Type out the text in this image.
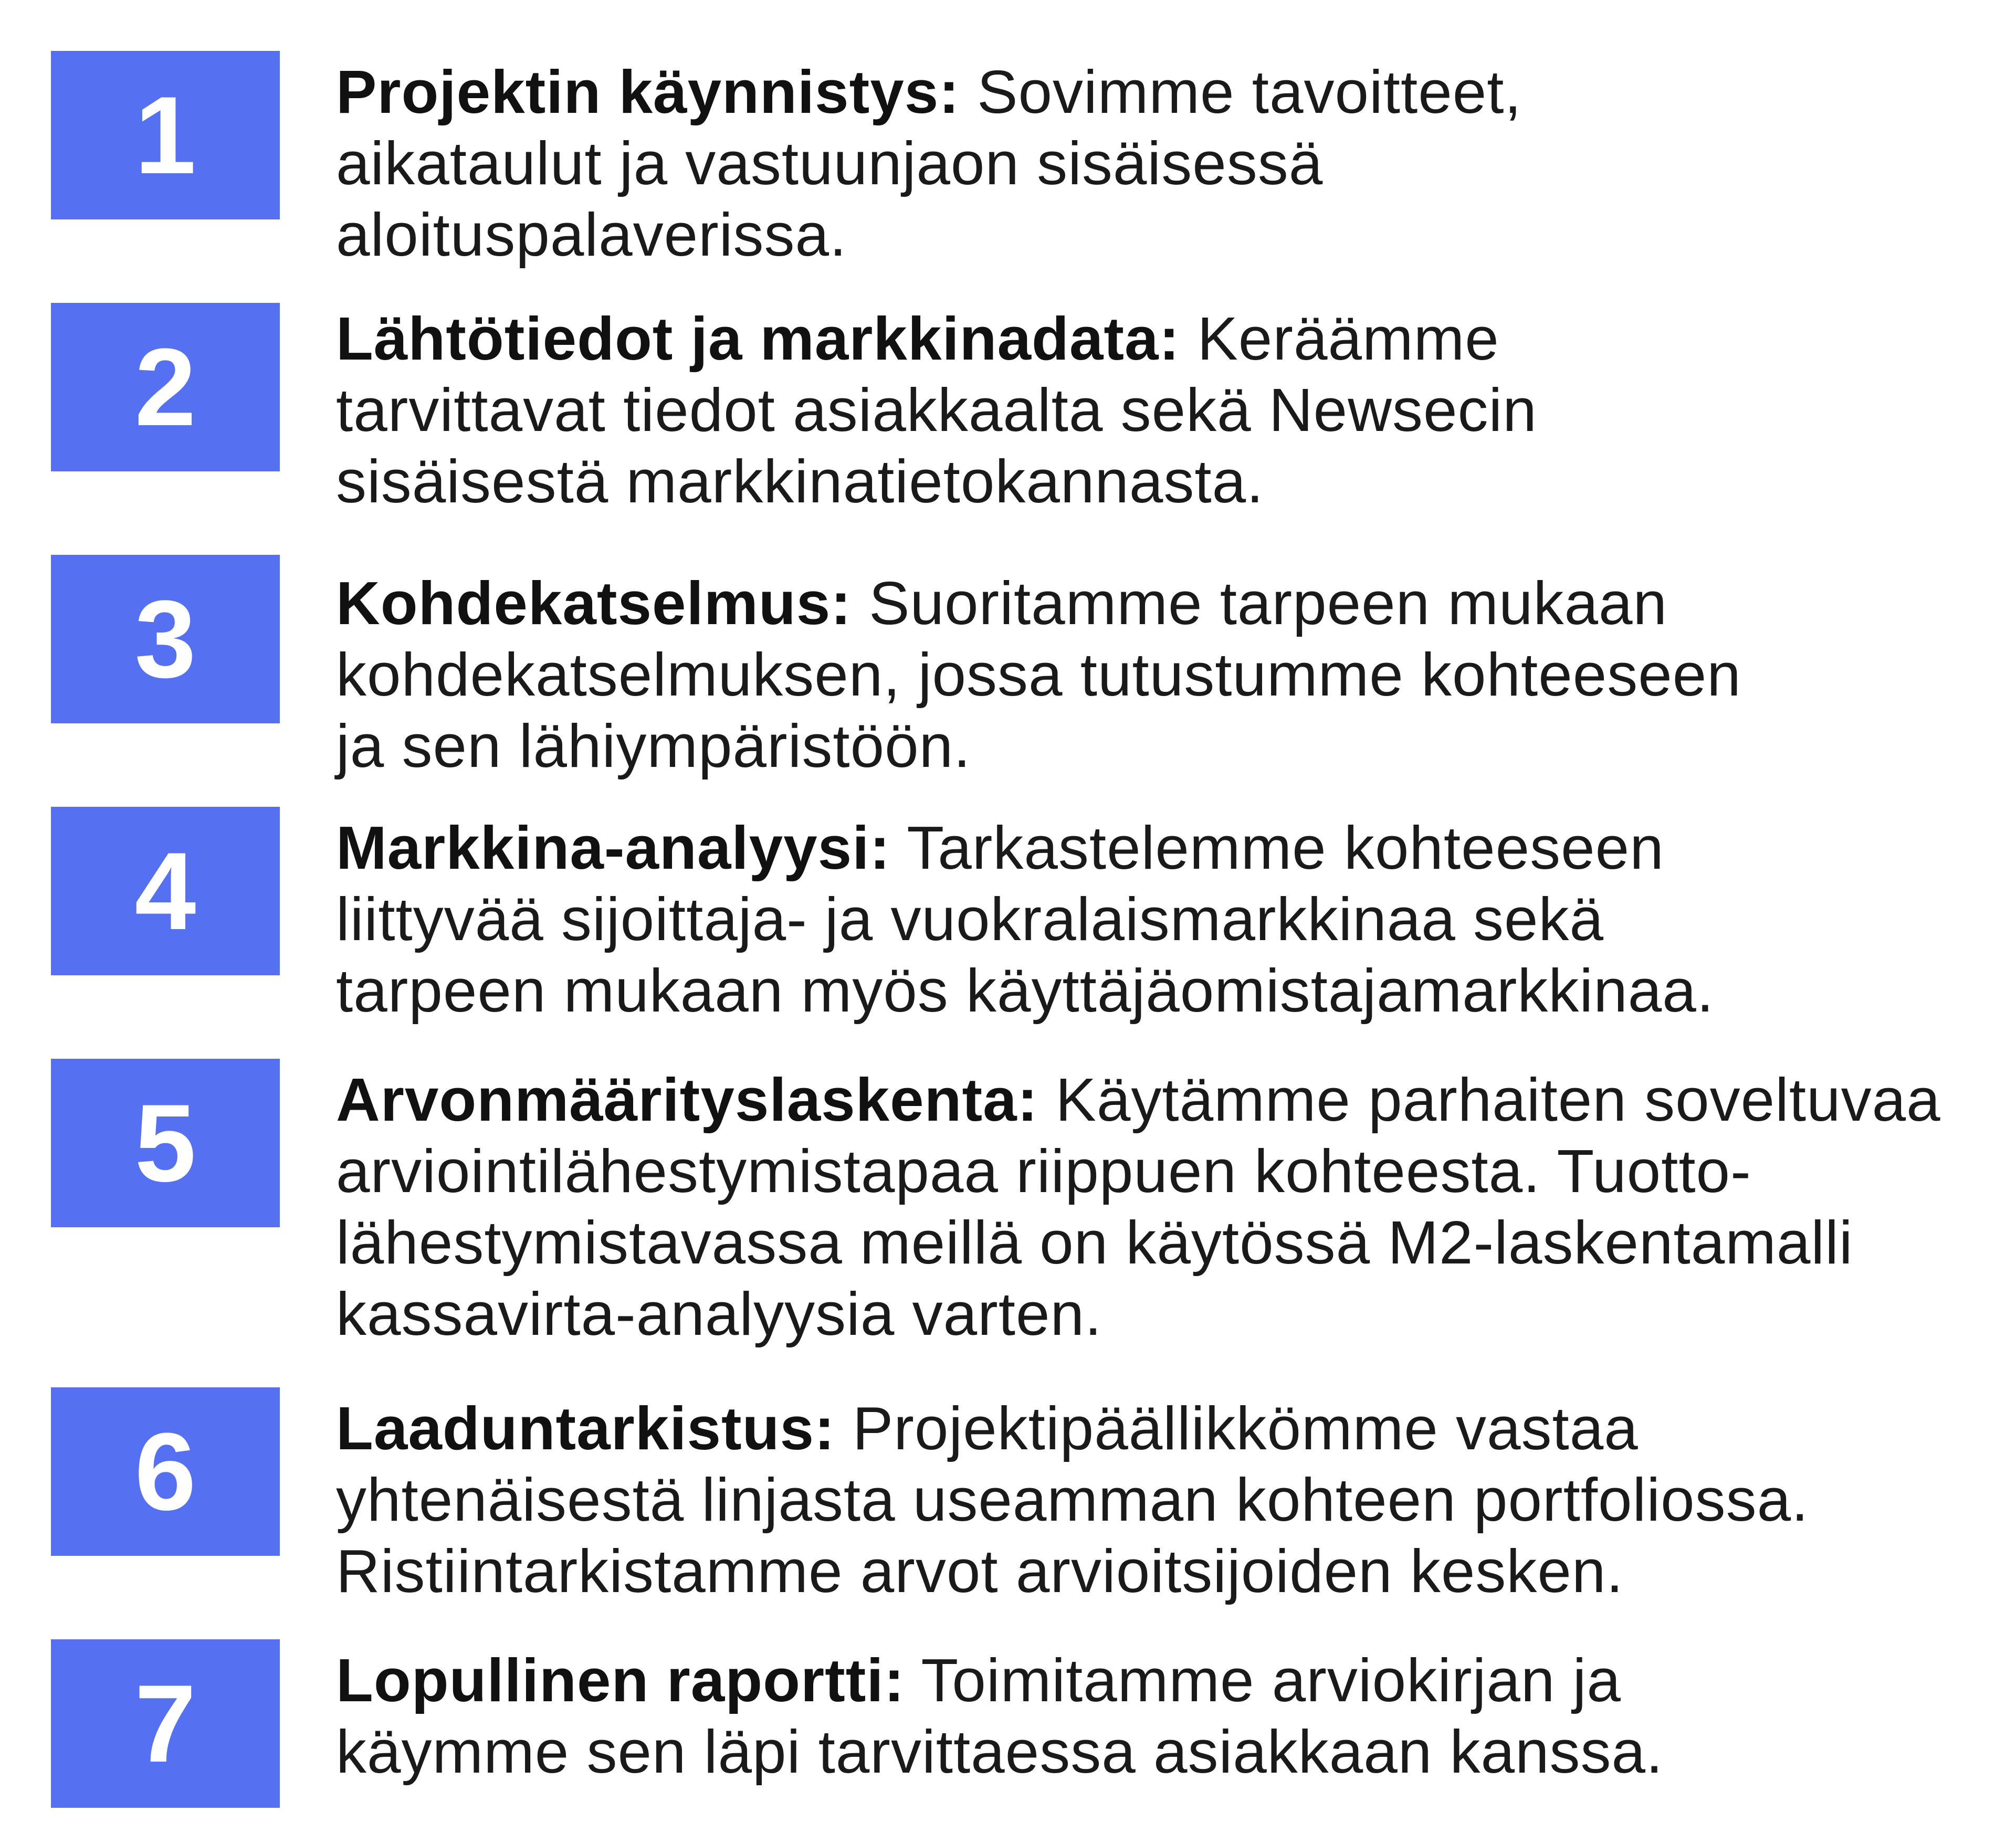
1 Projektin käynnistys: Sovimme tavoitteet,
aikataulut ja vastuunjaon sisäisessä
aloituspalaverissa.

2 Lähtötiedot ja markkinadata: Keräämme
tarvittavat tiedot asiakkaalta sekä Newsecin
sisäisestä markkinatietokannasta.

3 Kohdekatselmus: Suoritamme tarpeen mukaan
kohdekatselmuksen, jossa tutustumme kohteeseen
ja sen lähiympäristöön.

4 Markkina-analyysi: Tarkastelemme kohteeseen
liittyvää sijoittaja- ja vuokralaismarkkinaa sekä
tarpeen mukaan myös käyttäjäomistajamarkkinaa.

5 Arvonmäärityslaskenta: Käytämme parhaiten soveltuvaa
arviointilähestymistapaa riippuen kohteesta. Tuotto-
lähestymistavassa meillä on käytössä M2-laskentamalli
kassavirta-analyysia varten.

6 Laaduntarkistus: Projektipäällikkömme vastaa
yhtenäisestä linjasta useamman kohteen portfoliossa.
Ristiintarkistamme arvot arvioitsijoiden kesken.

7 Lopullinen raportti: Toimitamme arviokirjan ja
käymme sen läpi tarvittaessa asiakkaan kanssa.
